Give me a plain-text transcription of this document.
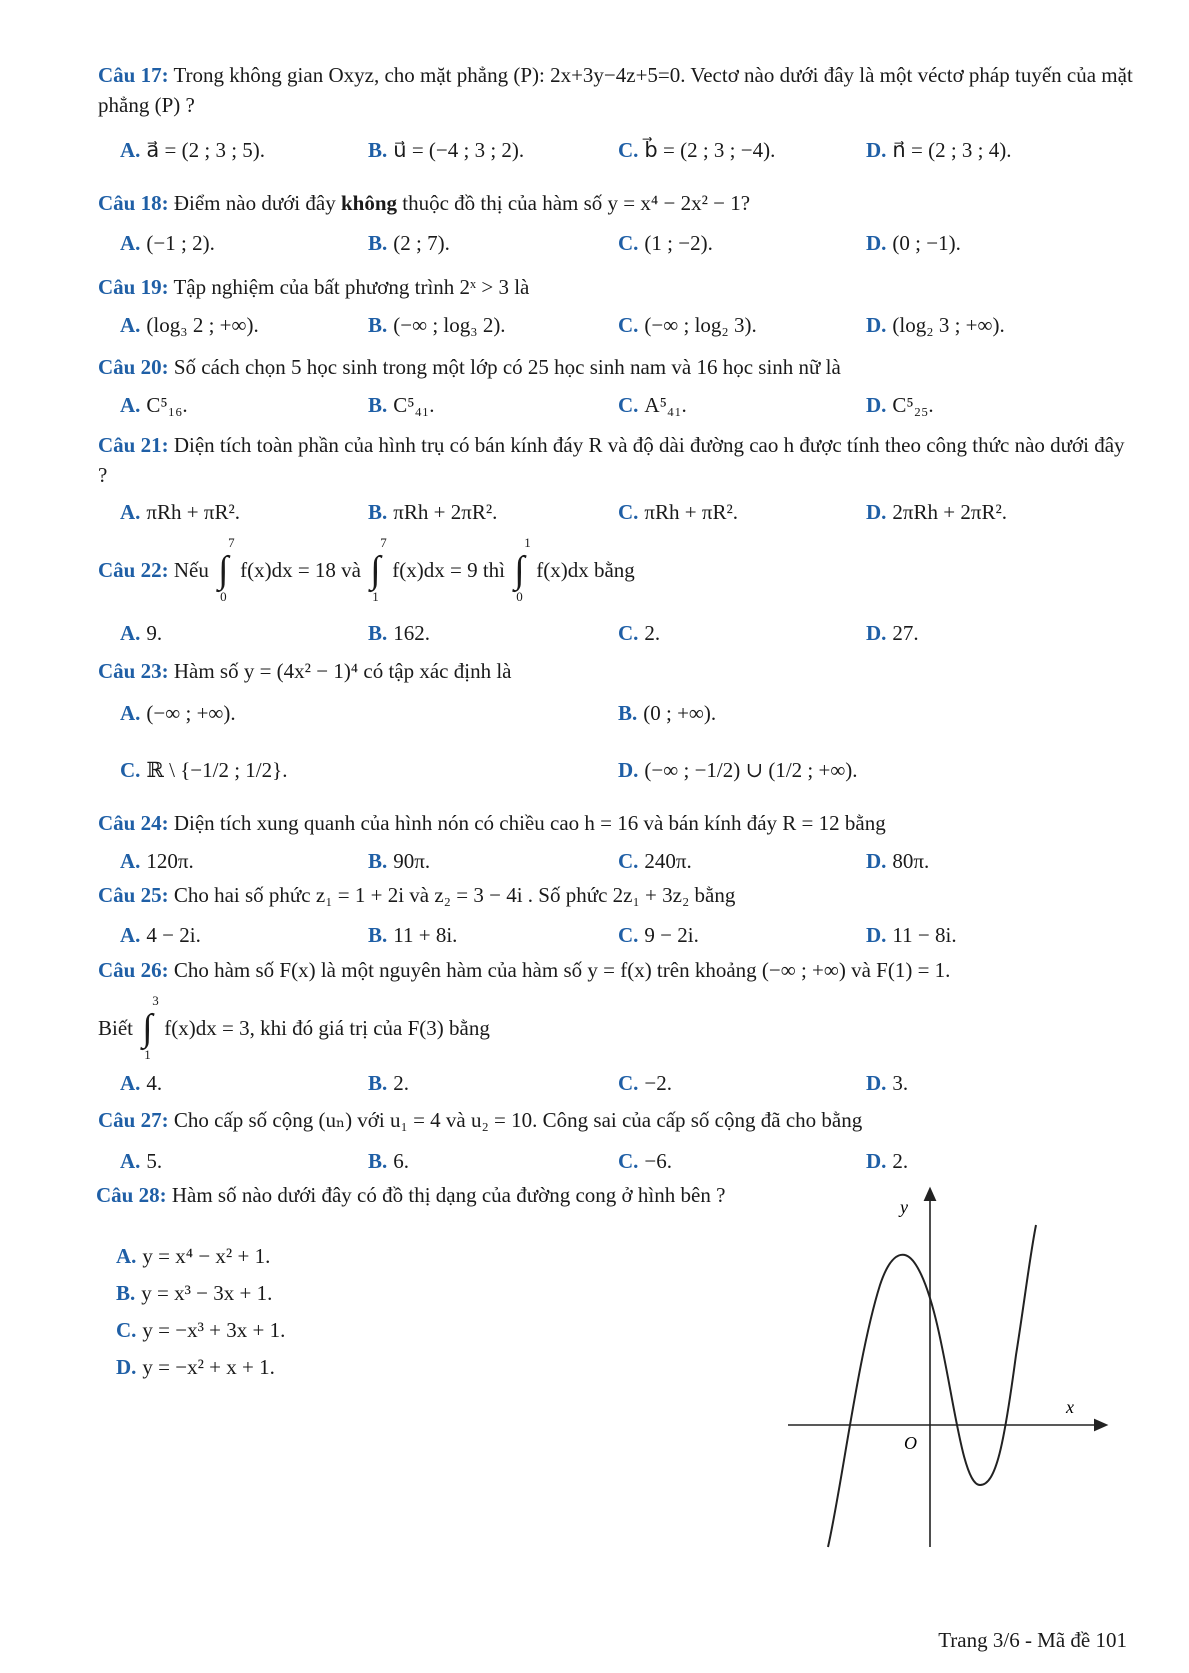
Câu 17: Trong không gian Oxyz, cho mặt phẳng (P): 2x+3y−4z+5=0. Vectơ nào dưới đây là một véctơ pháp tuyến của mặt phẳng (P) ?
A. a⃗ = (2 ; 3 ; 5).	B. u⃗ = (−4 ; 3 ; 2).	C. b⃗ = (2 ; 3 ; −4).	D. n⃗ = (2 ; 3 ; 4).
Câu 18: Điểm nào dưới đây không thuộc đồ thị của hàm số y = x⁴ − 2x² − 1?
A. (−1 ; 2).	B. (2 ; 7).	C. (1 ; −2).	D. (0 ; −1).
Câu 19: Tập nghiệm của bất phương trình 2ˣ > 3 là
A. (log₃ 2 ; +∞).	B. (−∞ ; log₃ 2).	C. (−∞ ; log₂ 3).	D. (log₂ 3 ; +∞).
Câu 20: Số cách chọn 5 học sinh trong một lớp có 25 học sinh nam và 16 học sinh nữ là
A. C⁵₁₆.	B. C⁵₄₁.	C. A⁵₄₁.	D. C⁵₂₅.
Câu 21: Diện tích toàn phần của hình trụ có bán kính đáy R và độ dài đường cao h được tính theo công thức nào dưới đây ?
A. πRh + πR².	B. πRh + 2πR².	C. πRh + πR².	D. 2πRh + 2πR².
Câu 22: Nếu ∫
7
0
f(x)dx = 18 và ∫
7
1
f(x)dx = 9 thì ∫
1
0
f(x)dx bằng
A. 9.	B. 162.	C. 2.	D. 27.
Câu 23: Hàm số y = (4x² − 1)⁴ có tập xác định là
A. (−∞ ; +∞).	B. (0 ; +∞).
C. ℝ \ {−1/2 ; 1/2}.	D. (−∞ ; −1/2) ∪ (1/2 ; +∞).
Câu 24: Diện tích xung quanh của hình nón có chiều cao h = 16 và bán kính đáy R = 12 bằng
A. 120π.	B. 90π.	C. 240π.	D. 80π.
Câu 25: Cho hai số phức z₁ = 1 + 2i và z₂ = 3 − 4i . Số phức 2z₁ + 3z₂ bằng
A. 4 − 2i.	B. 11 + 8i.	C. 9 − 2i.	D. 11 − 8i.
Câu 26: Cho hàm số F(x) là một nguyên hàm của hàm số y = f(x) trên khoảng (−∞ ; +∞) và F(1) = 1.
Biết ∫
3
1
f(x)dx = 3, khi đó giá trị của F(3) bằng
A. 4.	B. 2.	C. −2.	D. 3.
Câu 27: Cho cấp số cộng (uₙ) với u₁ = 4 và u₂ = 10. Công sai của cấp số cộng đã cho bằng
A. 5.	B. 6.	C. −6.	D. 2.
Câu 28: Hàm số nào dưới đây có đồ thị dạng của đường cong ở hình bên ?
A. y = x⁴ − x² + 1.
B. y = x³ − 3x + 1.
C. y = −x³ + 3x + 1.
D. y = −x² + x + 1.
y
x
O
Trang 3/6 - Mã đề 101
